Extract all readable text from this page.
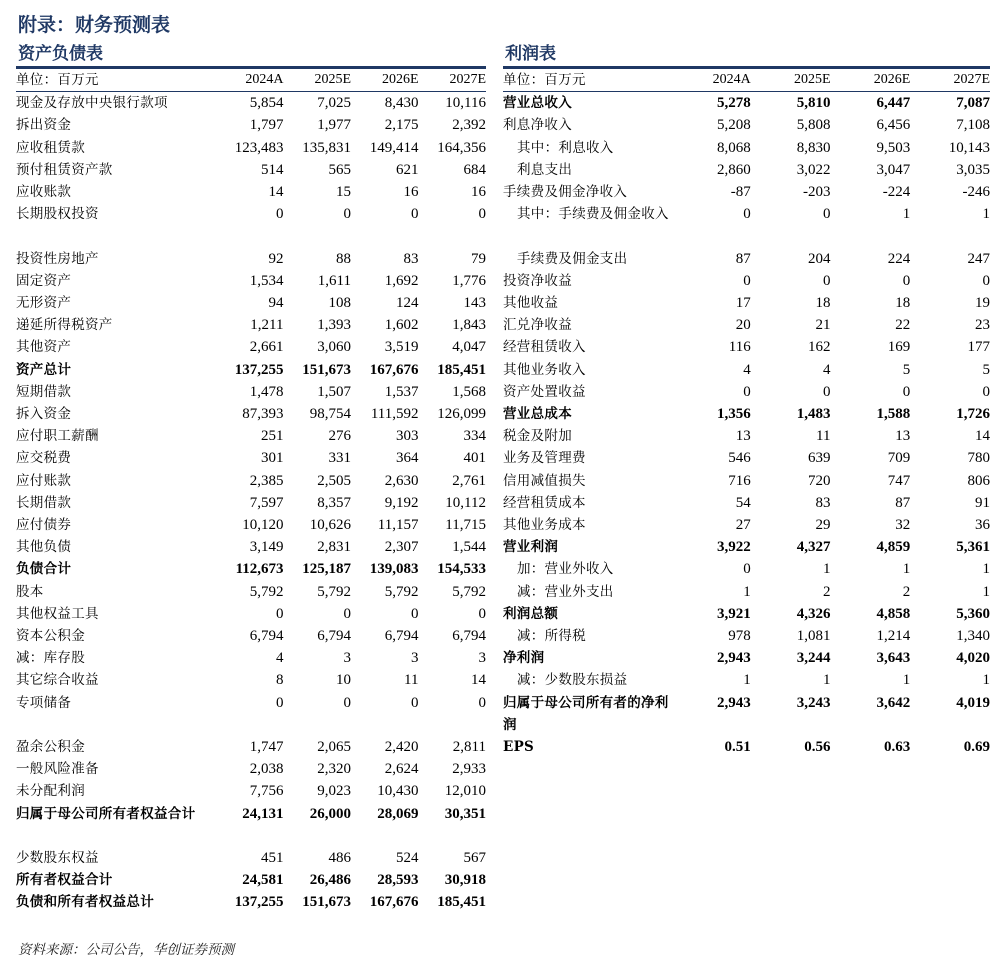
附录：财务预测表
资产负债表
单位：百万元	2024A	2025E	2026E	2027E
现金及存放中央银行款项	5,854	7,025	8,430	10,116
拆出资金	1,797	1,977	2,175	2,392
应收租赁款	123,483	135,831	149,414	164,356
预付租赁资产款	514	565	621	684
应收账款	14	15	16	16
长期股权投资	0	0	0	0

投资性房地产	92	88	83	79
固定资产	1,534	1,611	1,692	1,776
无形资产	94	108	124	143
递延所得税资产	1,211	1,393	1,602	1,843
其他资产	2,661	3,060	3,519	4,047
资产总计	137,255	151,673	167,676	185,451
短期借款	1,478	1,507	1,537	1,568
拆入资金	87,393	98,754	111,592	126,099
应付职工薪酬	251	276	303	334
应交税费	301	331	364	401
应付账款	2,385	2,505	2,630	2,761
长期借款	7,597	8,357	9,192	10,112
应付债券	10,120	10,626	11,157	11,715
其他负债	3,149	2,831	2,307	1,544
负债合计	112,673	125,187	139,083	154,533
股本	5,792	5,792	5,792	5,792
其他权益工具	0	0	0	0
资本公积金	6,794	6,794	6,794	6,794
减：库存股	4	3	3	3
其它综合收益	8	10	11	14
专项储备	0	0	0	0

盈余公积金	1,747	2,065	2,420	2,811
一般风险准备	2,038	2,320	2,624	2,933
未分配利润	7,756	9,023	10,430	12,010
归属于母公司所有者权益合计	24,131	26,000	28,069	30,351
少数股东权益	451	486	524	567
所有者权益合计	24,581	26,486	28,593	30,918
负债和所有者权益总计	137,255	151,673	167,676	185,451
利润表
单位：百万元	2024A	2025E	2026E	2027E
营业总收入	5,278	5,810	6,447	7,087
利息净收入	5,208	5,808	6,456	7,108
其中：利息收入	8,068	8,830	9,503	10,143
利息支出	2,860	3,022	3,047	3,035
手续费及佣金净收入	-87	-203	-224	-246
其中：手续费及佣金收入	0	0	1	1
手续费及佣金支出	87	204	224	247
投资净收益	0	0	0	0
其他收益	17	18	18	19
汇兑净收益	20	21	22	23
经营租赁收入	116	162	169	177
其他业务收入	4	4	5	5
资产处置收益	0	0	0	0
营业总成本	1,356	1,483	1,588	1,726
税金及附加	13	11	13	14
业务及管理费	546	639	709	780
信用减值损失	716	720	747	806
经营租赁成本	54	83	87	91
其他业务成本	27	29	32	36
营业利润	3,922	4,327	4,859	5,361
加：营业外收入	0	1	1	1
减：营业外支出	1	2	2	1
利润总额	3,921	4,326	4,858	5,360
减：所得税	978	1,081	1,214	1,340
净利润	2,943	3,244	3,643	4,020
减：少数股东损益	1	1	1	1
归属于母公司所有者的净利润	2,943	3,243	3,642	4,019
EPS	0.51	0.56	0.63	0.69
资料来源：公司公告，华创证券预测
